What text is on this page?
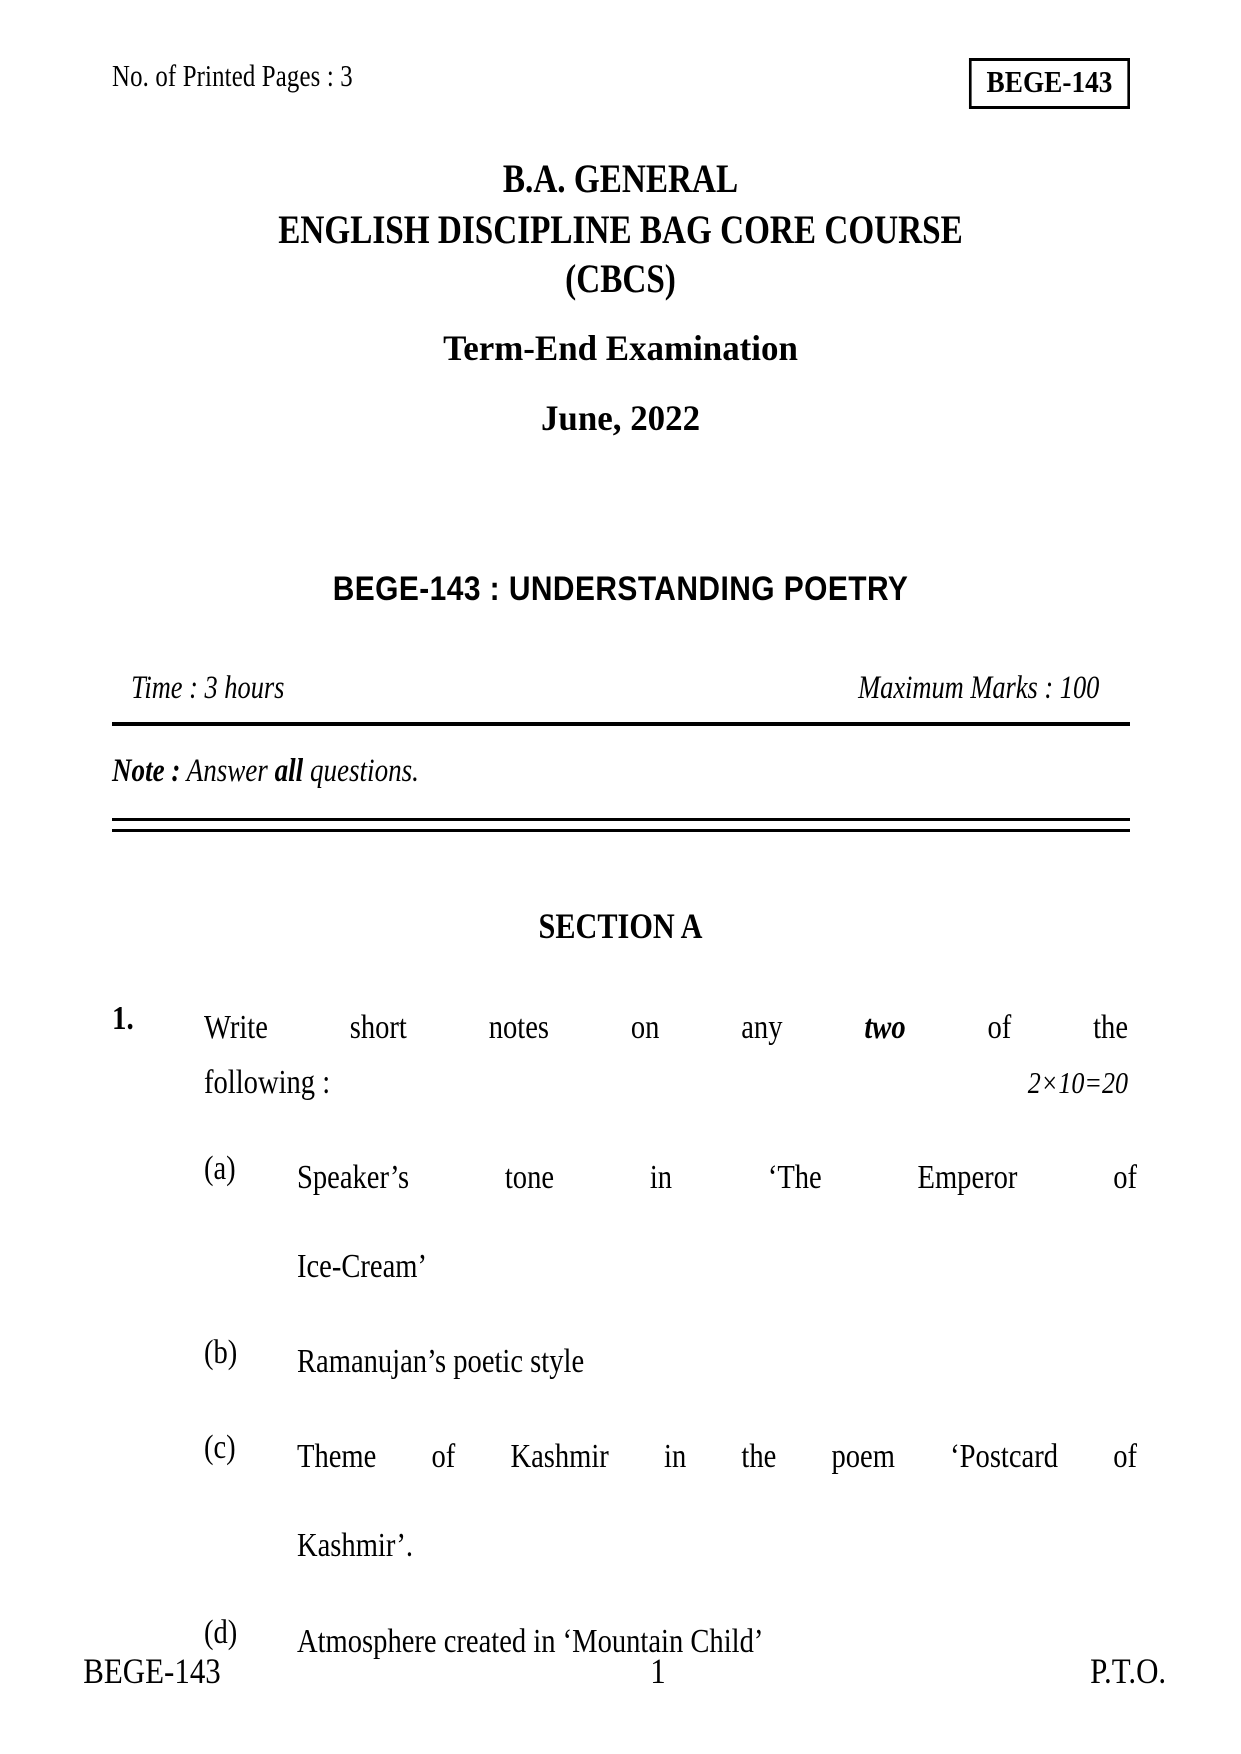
No. of Printed Pages : 3	BEGE-143
B.A. GENERAL
ENGLISH DISCIPLINE BAG CORE COURSE
(CBCS)
Term-End Examination
June, 2022
BEGE-143 : UNDERSTANDING POETRY
Time : 3 hours	Maximum Marks : 100
Note : Answer all questions.
SECTION A
1.	Write short notes on any two of the

following :	2×10=20

(a) Speaker’s tone in ‘The Emperor of

Ice-Cream’

(b) Ramanujan’s poetic style

(c) Theme of Kashmir in the poem ‘Postcard of

Kashmir’.

(d) Atmosphere created in ‘Mountain Child’

BEGE-143	1	P.T.O.
